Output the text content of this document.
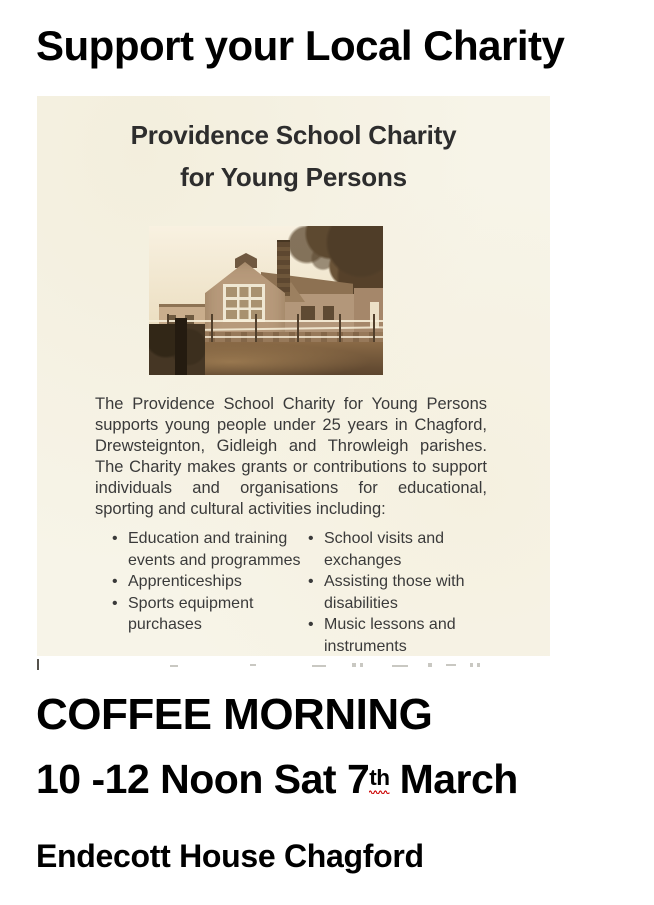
Support your Local Charity
Providence School Charity
for Young Persons

The Providence School Charity for Young Persons supports young people under 25 years in Chagford, Drewsteignton, Gidleigh and Throwleigh parishes. The Charity makes grants or contributions to support individuals and organisations for educational, sporting and cultural activities including:

• Education and training events and programmes
• Apprenticeships
• Sports equipment purchases
• School visits and exchanges
• Assisting those with disabilities
• Music lessons and instruments
COFFEE MORNING
10 -12 Noon Sat 7th March
Endecott House Chagford
